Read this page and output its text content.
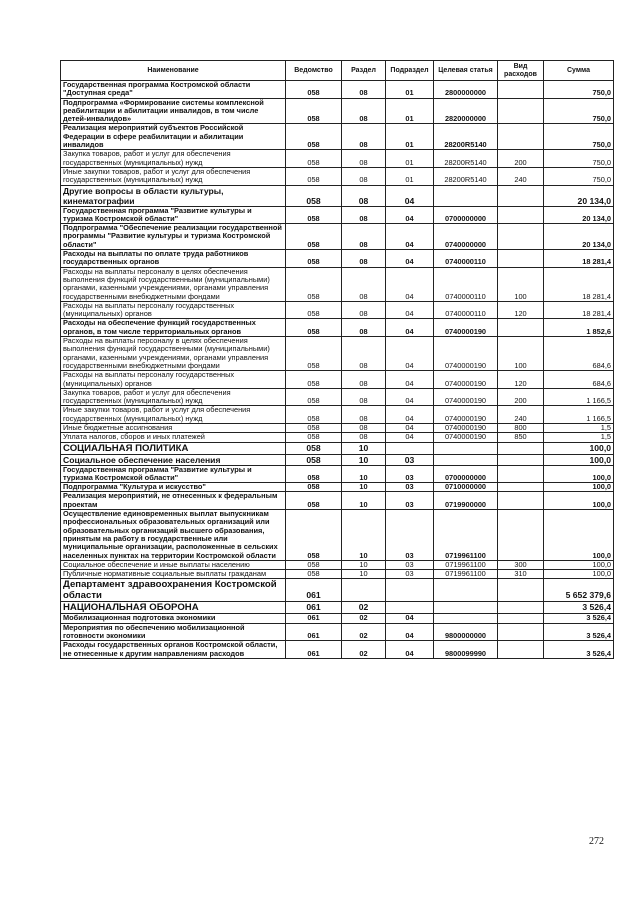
Наименование	Ведомство	Раздел	Подраздел	Целевая статья	Вид расходов	Сумма
Государственная программа Костромской области "Доступная среда"	058	08	01	2800000000		750,0
Подпрограмма «Формирование системы комплексной реабилитации и абилитации инвалидов, в том числе детей-инвалидов»	058	08	01	2820000000		750,0
Реализация мероприятий субъектов Российской Федерации в сфере реабилитации и абилитации инвалидов	058	08	01	28200R5140		750,0
Закупка товаров, работ и услуг для обеспечения государственных (муниципальных) нужд	058	08	01	28200R5140	200	750,0
Иные закупки товаров, работ и услуг для обеспечения государственных (муниципальных) нужд	058	08	01	28200R5140	240	750,0
Другие вопросы в области культуры, кинематографии	058	08	04			20 134,0
Государственная программа "Развитие культуры и туризма Костромской области"	058	08	04	0700000000		20 134,0
Подпрограмма "Обеспечение реализации государственной программы "Развитие культуры и туризма Костромской области"	058	08	04	0740000000		20 134,0
Расходы на выплаты по оплате труда работников государственных органов	058	08	04	0740000110		18 281,4
Расходы на выплаты персоналу в целях обеспечения выполнения функций государственными (муниципальными) органами, казенными учреждениями, органами управления государственными внебюджетными фондами	058	08	04	0740000110	100	18 281,4
Расходы на выплаты персоналу государственных (муниципальных) органов	058	08	04	0740000110	120	18 281,4
Расходы на обеспечение функций государственных органов, в том числе территориальных органов	058	08	04	0740000190		1 852,6
Расходы на выплаты персоналу в целях обеспечения выполнения функций государственными (муниципальными) органами, казенными учреждениями, органами управления государственными внебюджетными фондами	058	08	04	0740000190	100	684,6
Расходы на выплаты персоналу государственных (муниципальных) органов	058	08	04	0740000190	120	684,6
Закупка товаров, работ и услуг для обеспечения государственных (муниципальных) нужд	058	08	04	0740000190	200	1 166,5
Иные закупки товаров, работ и услуг для обеспечения государственных (муниципальных) нужд	058	08	04	0740000190	240	1 166,5
Иные бюджетные ассигнования	058	08	04	0740000190	800	1,5
Уплата налогов, сборов и иных платежей	058	08	04	0740000190	850	1,5
СОЦИАЛЬНАЯ ПОЛИТИКА	058	10				100,0
Социальное обеспечение населения	058	10	03			100,0
Государственная программа "Развитие культуры и туризма Костромской области"	058	10	03	0700000000		100,0
Подпрограмма "Культура и искусство"	058	10	03	0710000000		100,0
Реализация мероприятий, не отнесенных к федеральным проектам	058	10	03	0719900000		100,0
Осуществление единовременных выплат выпускникам профессиональных образовательных организаций или образовательных организаций высшего образования, принятым на работу в государственные или муниципальные организации, расположенные в сельских населенных пунктах на территории Костромской области	058	10	03	0719961100		100,0
Социальное обеспечение и иные выплаты населению	058	10	03	0719961100	300	100,0
Публичные нормативные социальные выплаты гражданам	058	10	03	0719961100	310	100,0
Департамент здравоохранения Костромской области	061					5 652 379,6
НАЦИОНАЛЬНАЯ ОБОРОНА	061	02				3 526,4
Мобилизационная подготовка экономики	061	02	04			3 526,4
Мероприятия по обеспечению мобилизационной готовности экономики	061	02	04	9800000000		3 526,4
Расходы государственных органов Костромской области, не отнесенные к другим направлениям расходов	061	02	04	9800099990		3 526,4
272
